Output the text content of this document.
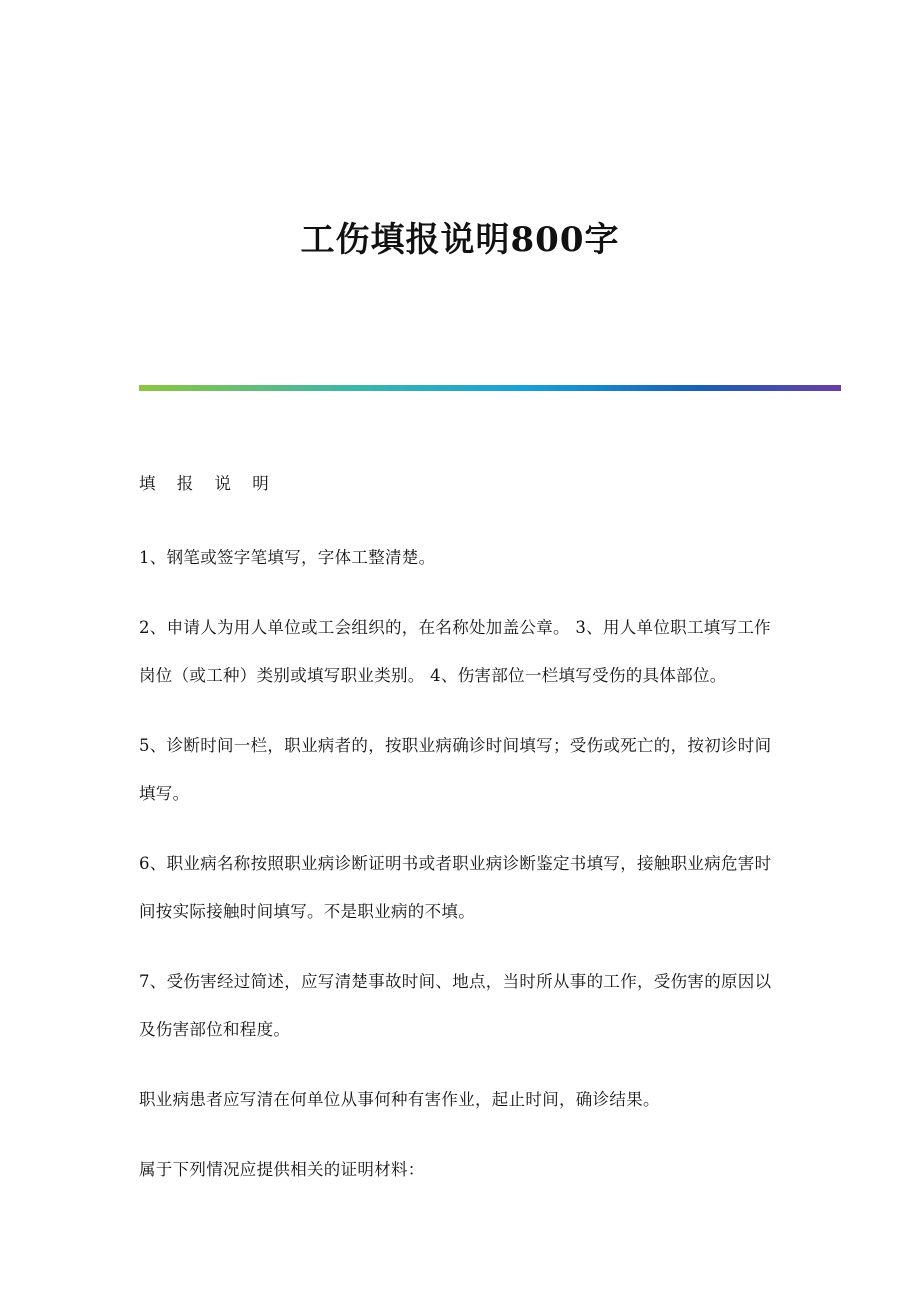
工伤填报说明800字

填 报 说 明

1、钢笔或签字笔填写，字体工整清楚。

2、申请人为用人单位或工会组织的，在名称处加盖公章。 3、用人单位职工填写工作岗位（或工种）类别或填写职业类别。 4、伤害部位一栏填写受伤的具体部位。

5、诊断时间一栏，职业病者的，按职业病确诊时间填写；受伤或死亡的，按初诊时间填写。

6、职业病名称按照职业病诊断证明书或者职业病诊断鉴定书填写，接触职业病危害时间按实际接触时间填写。不是职业病的不填。

7、受伤害经过简述，应写清楚事故时间、地点，当时所从事的工作，受伤害的原因以及伤害部位和程度。

职业病患者应写清在何单位从事何种有害作业，起止时间，确诊结果。

属于下列情况应提供相关的证明材料：
